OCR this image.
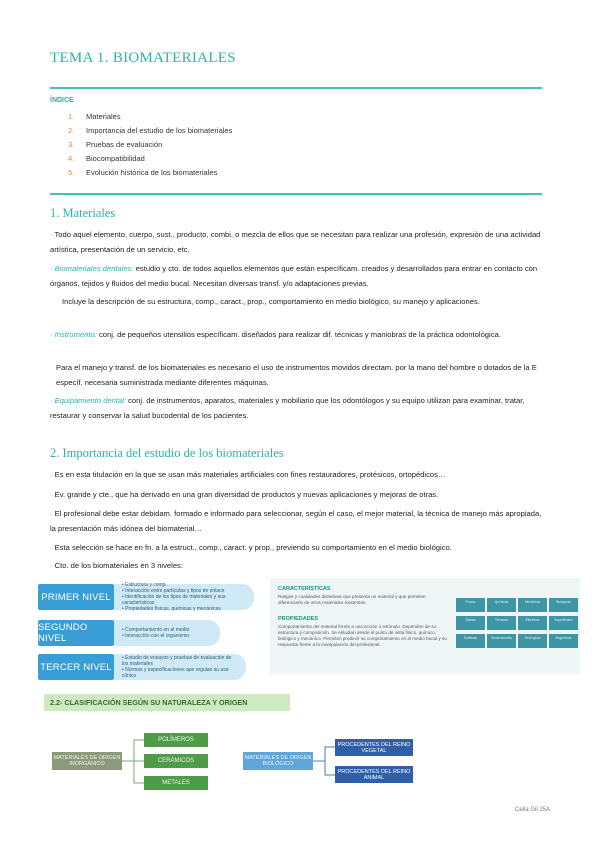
TEMA 1. BIOMATERIALES
ÍNDICE
1. Materiales
2. Importancia del estudio de los biomateriales
3. Pruebas de evaluación
4. Biocompatibilidad
5. Evolución histórica de los biomateriales
1. Materiales

· Todo aquel elemento, cuerpo, sust., producto, combi. o mezcla de ellos que se necesitan para realizar una profesión, expresión de una actividad artística, presentación de un servicio, etc.

· Biomateriales dentales: estudio y cto. de todos aquellos elementos que están específicam. creados y desarrollados para entrar en contacto con órganos, tejidos y fluidos del medio bucal. Necesitan diversas transf. y/o adaptaciones previas.

Incluye la descripción de su estructura, comp., caract., prop., comportamiento en medio biológico, su manejo y aplicaciones.

· Instrumento: conj. de pequeños utensilios específicam. diseñados para realizar dif. técnicas y maniobras de la práctica odontológica.

Para el manejo y transf. de los biomateriales es necesario el uso de instrumentos movidos directam. por la mano del hombre o dotados de la E específ. necesaria suministrada mediante diferentes máquinas.

· Equipamiento dental: conj. de instrumentos, aparatos, materiales y mobiliario que los odontólogos y su equipo utilizan para examinar, tratar, restaurar y conservar la salud bucodental de los pacientes.

2. Importancia del estudio de los biomateriales

· Es en esta titulación en la que se usan más materiales artificiales con fines restauradores, protésicos, ortopédicos…

· Ev. grande y cte., que ha derivado en una gran diversidad de productos y nuevas aplicaciones y mejoras de otras.

· El profesional debe estar debidam. formado e informado para seleccionar, según el caso, el mejor material, la técnica de manejo más apropiada, la presentación más idónea del biomaterial…

· Esta selección se hace en fn. a la estruct., comp., caract. y prop., previendo su comportamiento en el medio biológico.

· Cto. de los biomateriales en 3 niveles:

PRIMER NIVEL
• Estructura y comp.
• Interacción entre partículas y tipos de enlace
• Identificación de los tipos de materiales y sus características
• Propiedades físicas, químicas y mecánicas
SEGUNDO NIVEL
• Comportamiento en el medio
• Interacción con el organismo
TERCER NIVEL
• Estudio de ensayos y pruebas de evaluación de los materiales
• Normas y especificaciones que regulan su uso clínico
CARACTERÍSTICAS
Rasgos y cualidades distintivas que presenta un material y que permiten diferenciarlo de otros materiales existentes.
PROPIEDADES
Comportamiento del material frente a una acción o estímulo. Dependen de su estructura y composición. Se estudian desde el punto de vista físico, químico, biológico y mecánico. Permiten predecir su comportamiento en el medio bucal y su respuesta frente a la manipulación del profesional.
Físicas	Químicas	Mecánicas	Biológicas
Ópticas	Térmicas	Eléctricas	Superficiales
Estéticas	Dimensionales	Reológicas	Magnéticas
2.2- CLASIFICACIÓN SEGÚN SU NATURALEZA Y ORIGEN
MATERIALES DE ORIGEN INORGÁNICO
POLÍMEROS
CERÁMICOS
METALES
MATERIALES DE ORIGEN BIOLÓGICO
PROCEDENTES DEL REINO VEGETAL
PROCEDENTES DEL REINO ANIMAL
Celia Gil 25A
